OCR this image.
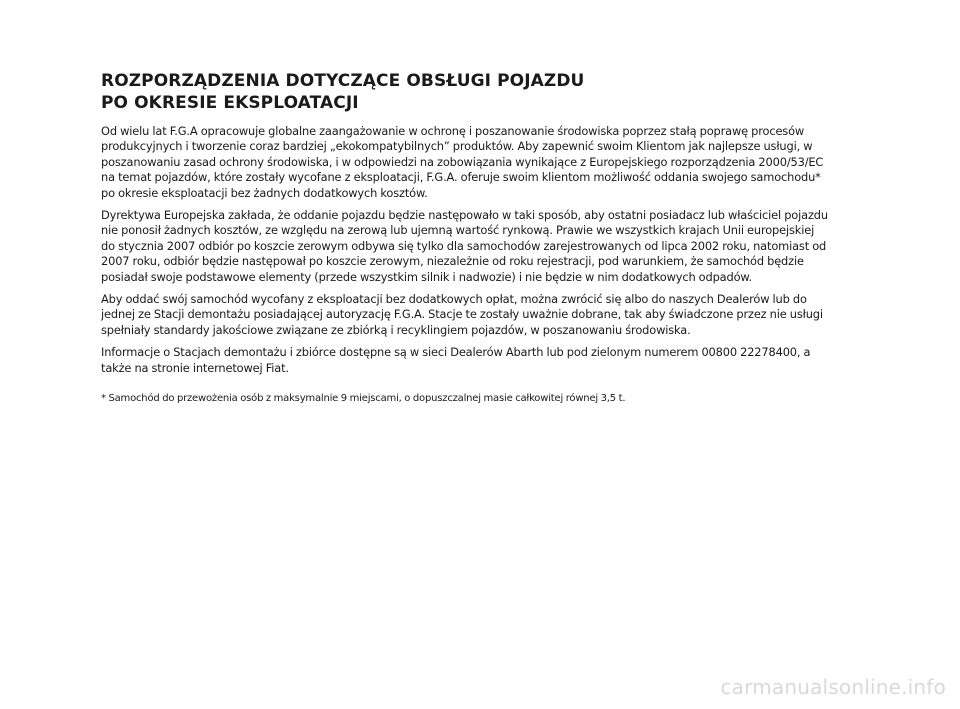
ROZPORZĄDZENIA DOTYCZĄCE OBSŁUGI POJAZDU
PO OKRESIE EKSPLOATACJI

Od wielu lat F.G.A opracowuje globalne zaangażowanie w ochronę i poszanowanie środowiska poprzez stałą poprawę procesów produkcyjnych i tworzenie coraz bardziej „ekokompatybilnych” produktów. Aby zapewnić swoim Klientom jak najlepsze usługi, w poszanowaniu zasad ochrony środowiska, i w odpowiedzi na zobowiązania wynikające z Europejskiego rozporządzenia 2000/53/EC na temat pojazdów, które zostały wycofane z eksploatacji, F.G.A. oferuje swoim klientom możliwość oddania swojego samochodu* po okresie eksploatacji bez żadnych dodatkowych kosztów.

Dyrektywa Europejska zakłada, że oddanie pojazdu będzie następowało w taki sposób, aby ostatni posiadacz lub właściciel pojazdu nie ponosił żadnych kosztów, ze względu na zerową lub ujemną wartość rynkową. Prawie we wszystkich krajach Unii europejskiej do stycznia 2007 odbiór po koszcie zerowym odbywa się tylko dla samochodów zarejestrowanych od lipca 2002 roku, natomiast od 2007 roku, odbiór będzie następował po koszcie zerowym, niezależnie od roku rejestracji, pod warunkiem, że samochód będzie posiadał swoje podstawowe elementy (przede wszystkim silnik i nadwozie) i nie będzie w nim dodatkowych odpadów.

Aby oddać swój samochód wycofany z eksploatacji bez dodatkowych opłat, można zwrócić się albo do naszych Dealerów lub do jednej ze Stacji demontażu posiadającej autoryzację F.G.A. Stacje te zostały uważnie dobrane, tak aby świadczone przez nie usługi spełniały standardy jakościowe związane ze zbiórką i recyklingiem pojazdów, w poszanowaniu środowiska.

Informacje o Stacjach demontażu i zbiórce dostępne są w sieci Dealerów Abarth lub pod zielonym numerem 00800 22278400, a także na stronie internetowej Fiat.

* Samochód do przewożenia osób z maksymalnie 9 miejscami, o dopuszczalnej masie całkowitej równej 3,5 t.

carmanualsonline.info
